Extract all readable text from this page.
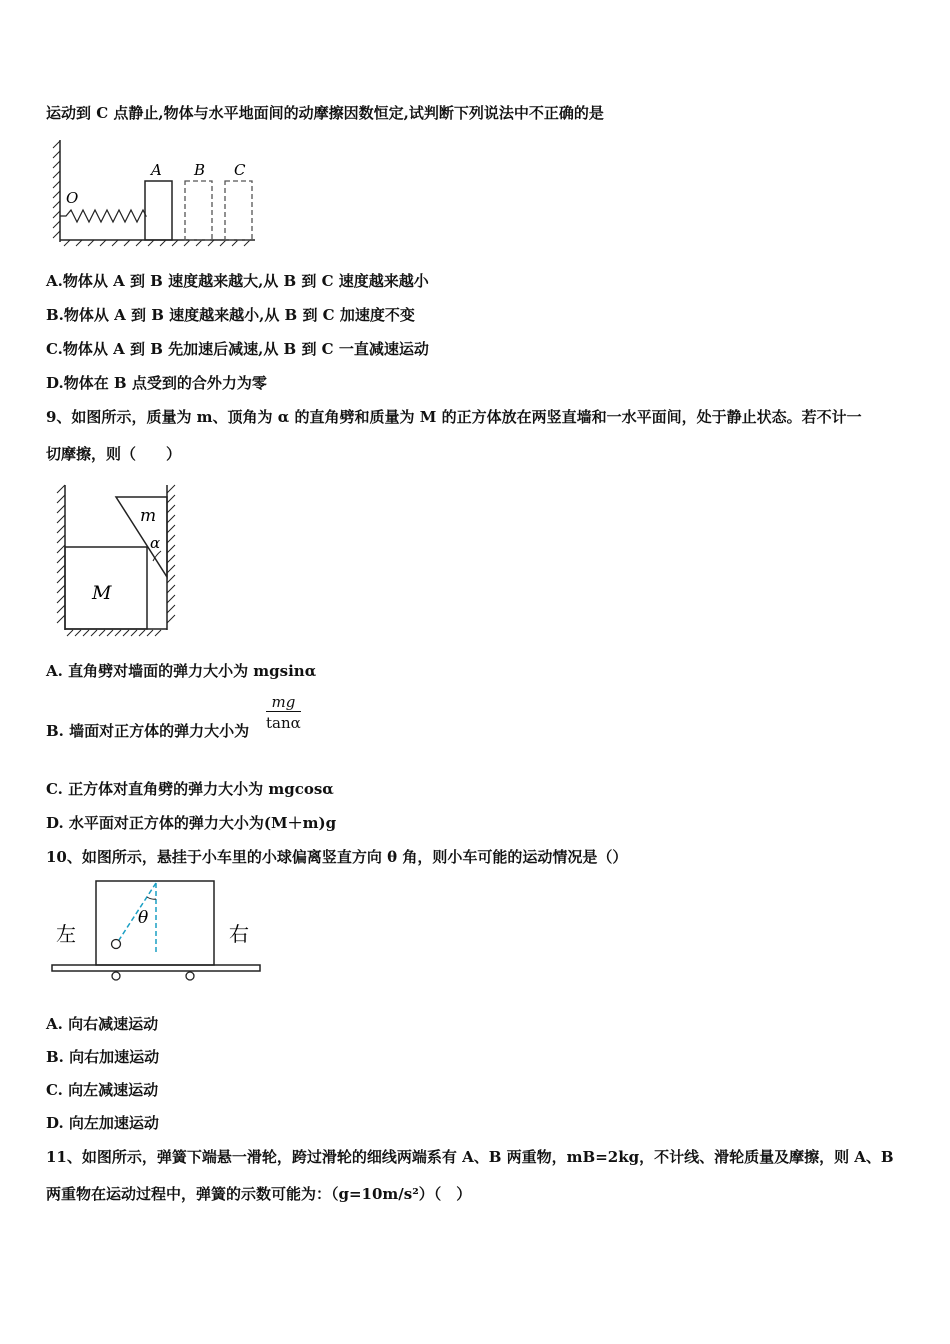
运动到 C 点静止,物体与水平地面间的动摩擦因数恒定,试判断下列说法中不正确的是
O
A B C
A.物体从 A 到 B 速度越来越大,从 B 到 C 速度越来越小
B.物体从 A 到 B 速度越来越小,从 B 到 C 加速度不变
C.物体从 A 到 B 先加速后减速,从 B 到 C 一直减速运动
D.物体在 B 点受到的合外力为零
9、如图所示，质量为 m、顶角为 α 的直角劈和质量为 M 的正方体放在两竖直墙和一水平面间，处于静止状态。若不计一
切摩擦，则（　　）
m
α
M
A. 直角劈对墙面的弹力大小为 mgsinα
B. 墙面对正方体的弹力大小为 $\frac{mg}{\tan\alpha}$
C. 正方体对直角劈的弹力大小为 mgcosα
D. 水平面对正方体的弹力大小为(M＋m)g
10、如图所示，悬挂于小车里的小球偏离竖直方向 θ 角，则小车可能的运动情况是（）
θ
左	右
A. 向右减速运动
B. 向右加速运动
C. 向左减速运动
D. 向左加速运动
11、如图所示，弹簧下端悬一滑轮，跨过滑轮的细线两端系有 A、B 两重物，mB=2kg，不计线、滑轮质量及摩擦，则 A、B
两重物在运动过程中，弹簧的示数可能为：（g=10m/s²）（　）
